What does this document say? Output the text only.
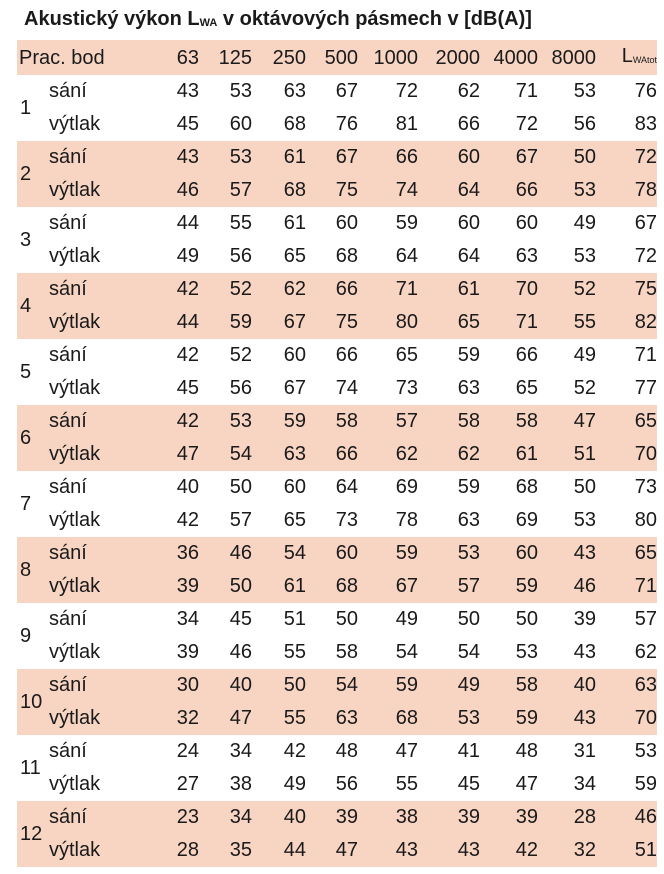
Akustický výkon $L_{WA}$ v oktávových pásmech v [dB(A)]
Prac. bod		63	125	250	500	1000	2000	4000	8000	$L_{WAtot}$
1	sání	43	53	63	67	72	62	71	53	76
	výtlak	45	60	68	76	81	66	72	56	83
2	sání	43	53	61	67	66	60	67	50	72
	výtlak	46	57	68	75	74	64	66	53	78
3	sání	44	55	61	60	59	60	60	49	67
	výtlak	49	56	65	68	64	64	63	53	72
4	sání	42	52	62	66	71	61	70	52	75
	výtlak	44	59	67	75	80	65	71	55	82
5	sání	42	52	60	66	65	59	66	49	71
	výtlak	45	56	67	74	73	63	65	52	77
6	sání	42	53	59	58	57	58	58	47	65
	výtlak	47	54	63	66	62	62	61	51	70
7	sání	40	50	60	64	69	59	68	50	73
	výtlak	42	57	65	73	78	63	69	53	80
8	sání	36	46	54	60	59	53	60	43	65
	výtlak	39	50	61	68	67	57	59	46	71
9	sání	34	45	51	50	49	50	50	39	57
	výtlak	39	46	55	58	54	54	53	43	62
10	sání	30	40	50	54	59	49	58	40	63
	výtlak	32	47	55	63	68	53	59	43	70
11	sání	24	34	42	48	47	41	48	31	53
	výtlak	27	38	49	56	55	45	47	34	59
12	sání	23	34	40	39	38	39	39	28	46
	výtlak	28	35	44	47	43	43	42	32	51
